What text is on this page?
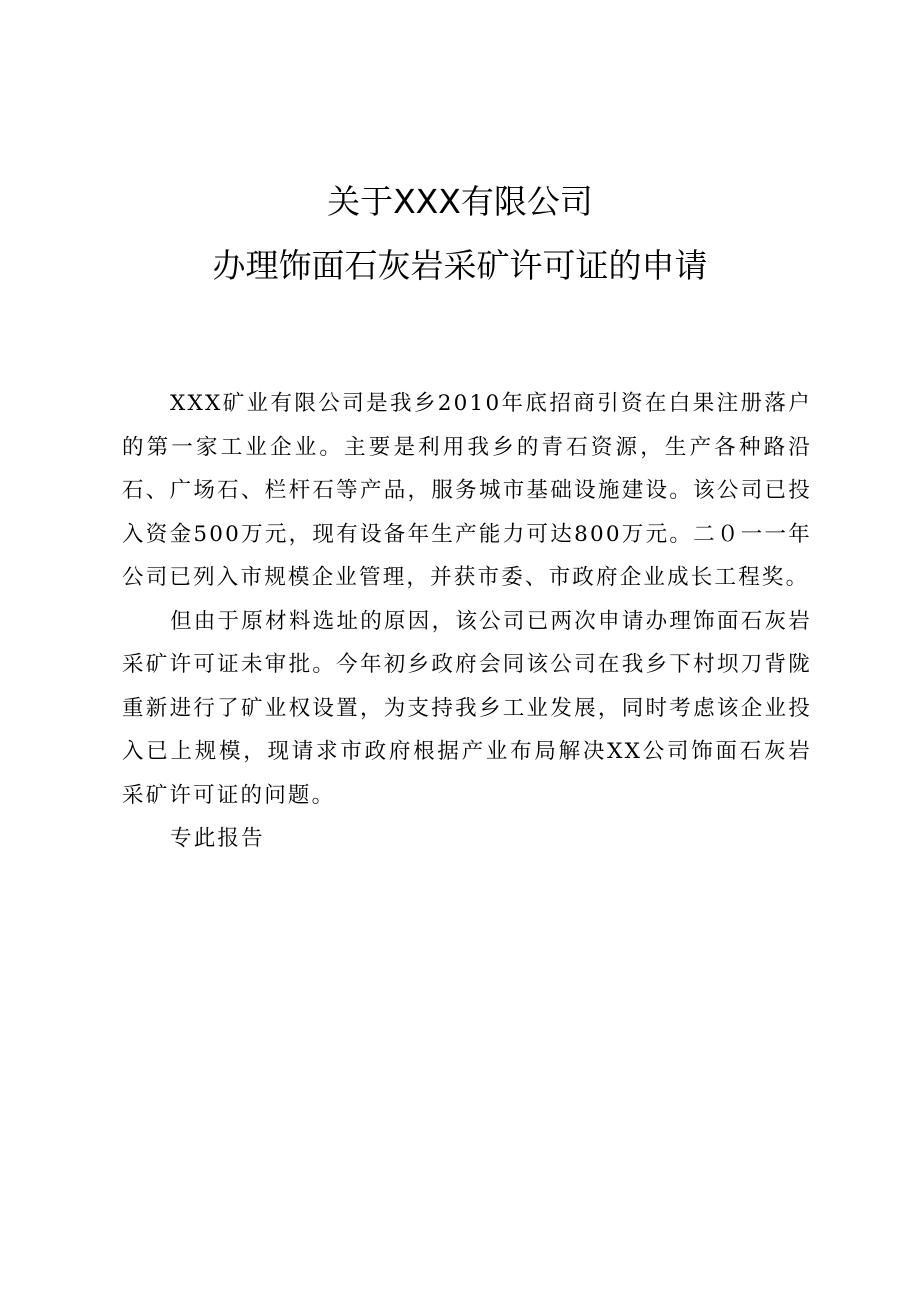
关于XXX有限公司
办理饰面石灰岩采矿许可证的申请

XXX矿业有限公司是我乡2010年底招商引资在白果注册落户的第一家工业企业。主要是利用我乡的青石资源，生产各种路沿石、广场石、栏杆石等产品，服务城市基础设施建设。该公司已投入资金500万元，现有设备年生产能力可达800万元。二０一一年公司已列入市规模企业管理，并获市委、市政府企业成长工程奖。

但由于原材料选址的原因，该公司已两次申请办理饰面石灰岩采矿许可证未审批。今年初乡政府会同该公司在我乡下村坝刀背陇重新进行了矿业权设置，为支持我乡工业发展，同时考虑该企业投入已上规模，现请求市政府根据产业布局解决XX公司饰面石灰岩采矿许可证的问题。

专此报告
